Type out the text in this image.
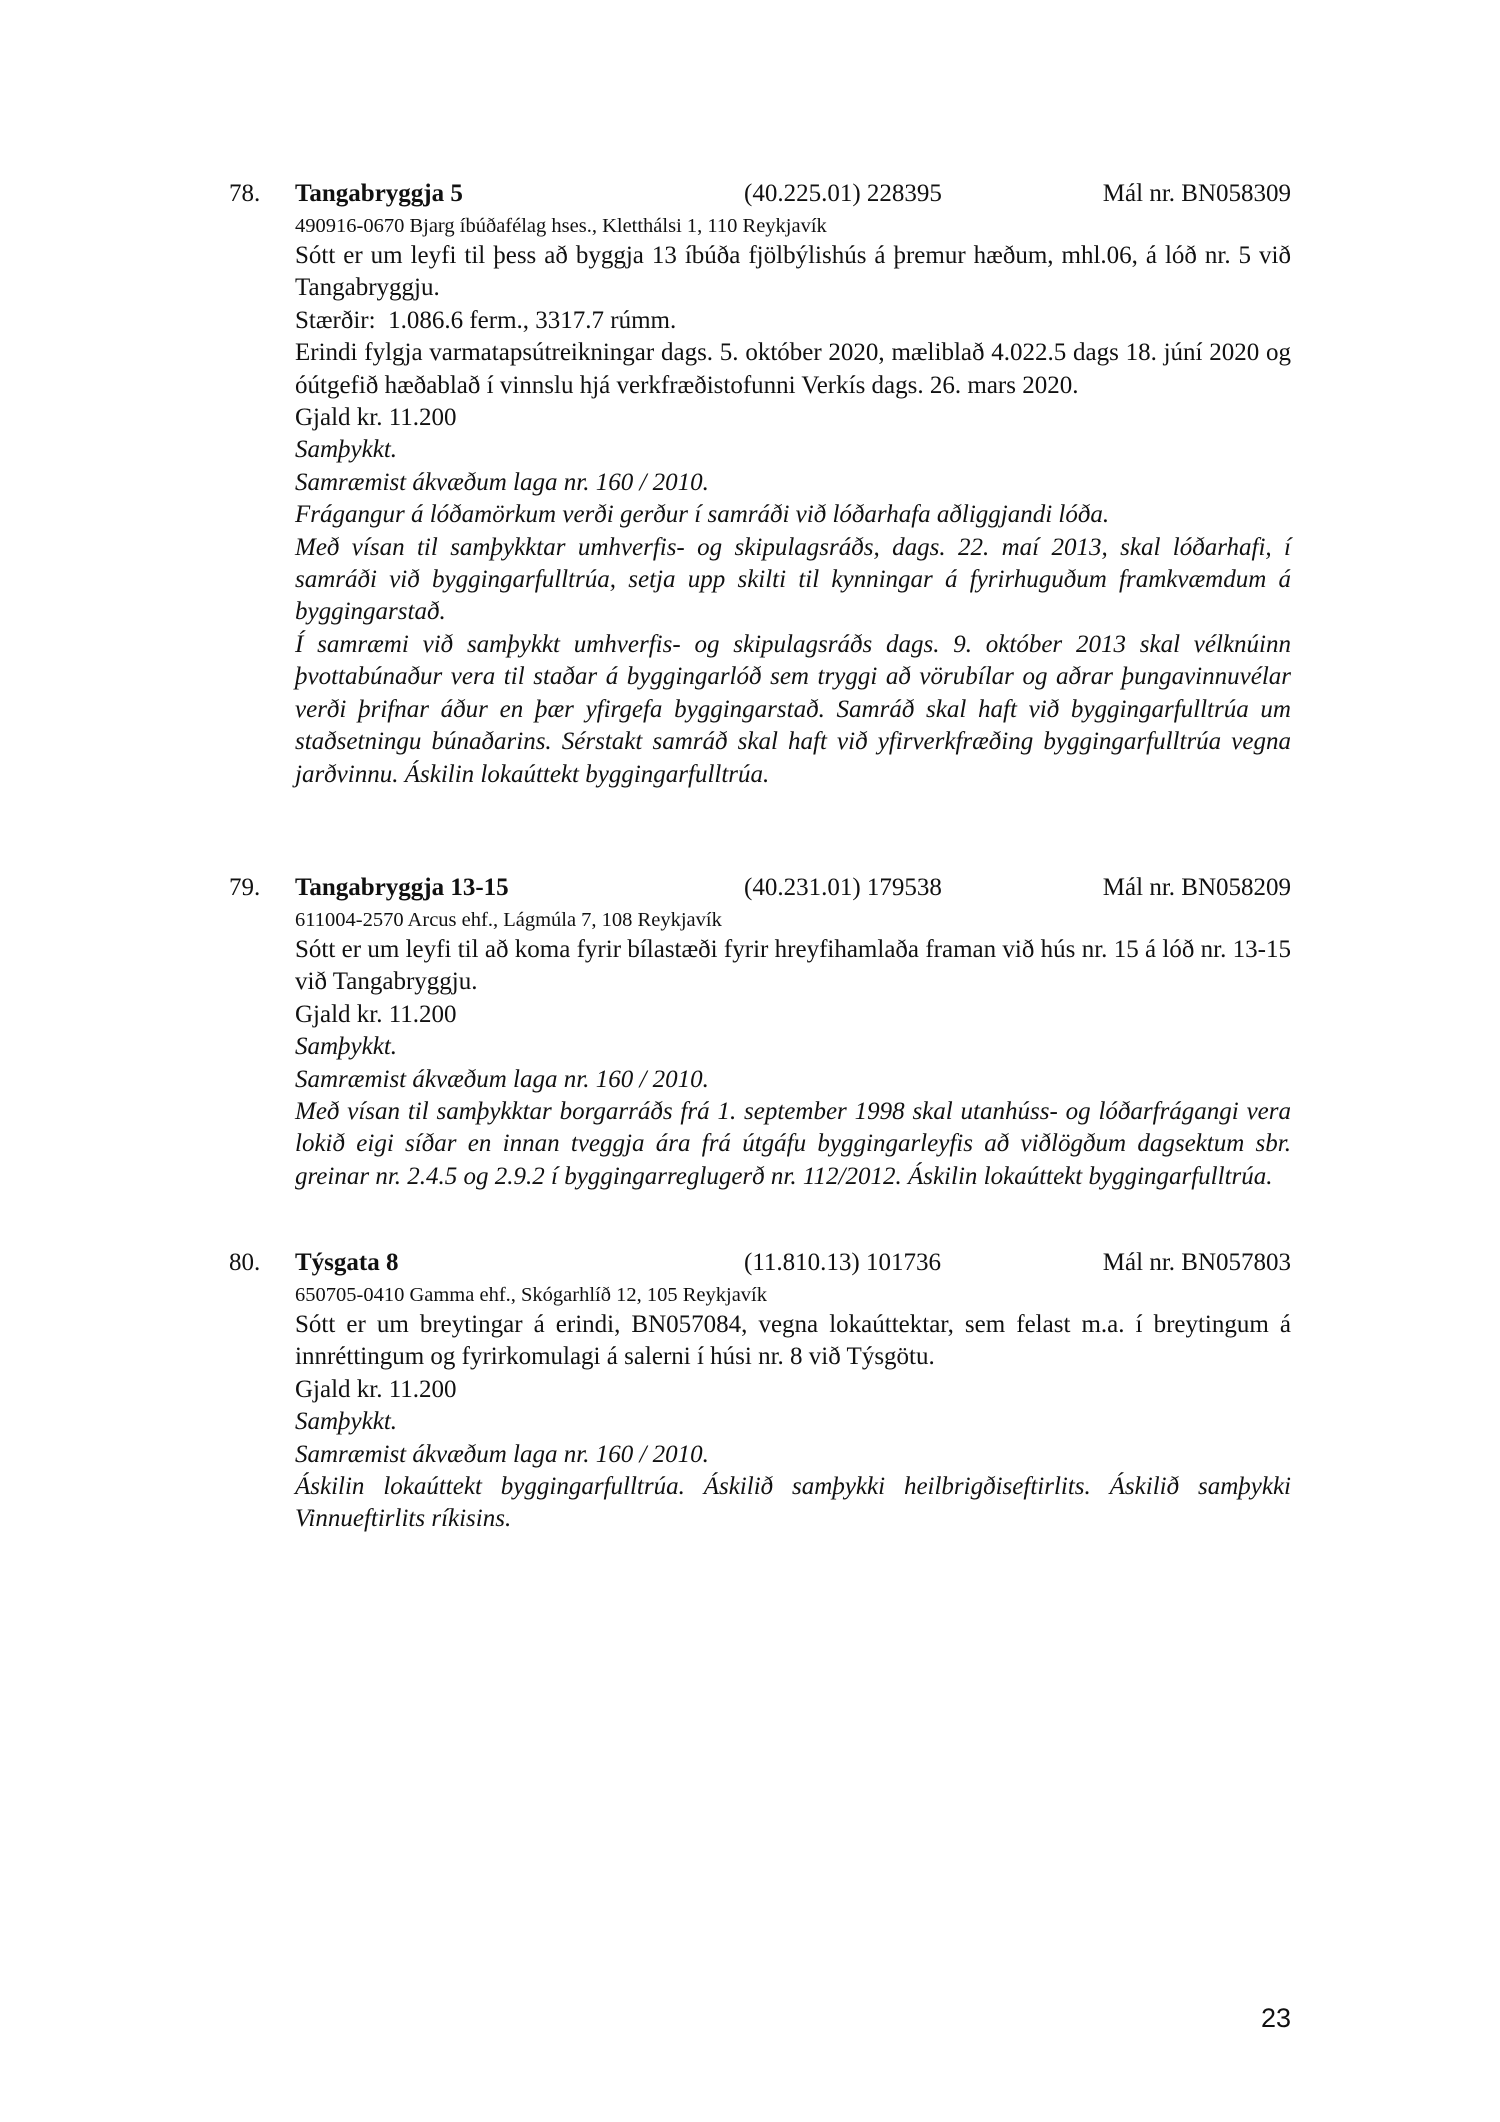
78. Tangabryggja 5	(40.225.01) 228395	Mál nr. BN058309
490916-0670 Bjarg íbúðafélag hses., Kletthálsi 1, 110 Reykjavík
Sótt er um leyfi til þess að byggja 13 íbúða fjölbýlishús á þremur hæðum, mhl.06, á lóð nr. 5 við Tangabryggju.
Stærðir:  1.086.6 ferm., 3317.7 rúmm.
Erindi fylgja varmatapsútreikningar dags. 5. október 2020, mæliblað 4.022.5 dags 18. júní 2020 og óútgefið hæðablað í vinnslu hjá verkfræðistofunni Verkís dags. 26. mars 2020.
Gjald kr. 11.200
Samþykkt.
Samræmist ákvæðum laga nr. 160 / 2010.
Frágangur á lóðamörkum verði gerður í samráði við lóðarhafa aðliggjandi lóða.
Með vísan til samþykktar umhverfis- og skipulagsráðs, dags. 22. maí 2013, skal lóðarhafi, í samráði við byggingarfulltrúa, setja upp skilti til kynningar á fyrirhuguðum framkvæmdum á byggingarstað.
Í samræmi við samþykkt umhverfis- og skipulagsráðs dags. 9. október 2013 skal vélknúinn þvottabúnaður vera til staðar á byggingarlóð sem tryggi að vörubílar og aðrar þungavinnuvélar verði þrifnar áður en þær yfirgefa byggingarstað. Samráð skal haft við byggingarfulltrúa um staðsetningu búnaðarins. Sérstakt samráð skal haft við yfirverkfræðing byggingarfulltrúa vegna jarðvinnu. Áskilin lokaúttekt byggingarfulltrúa.
79. Tangabryggja 13-15	(40.231.01) 179538	Mál nr. BN058209
611004-2570 Arcus ehf., Lágmúla 7, 108 Reykjavík
Sótt er um leyfi til að koma fyrir bílastæði fyrir hreyfihamlaða framan við hús nr. 15 á lóð nr. 13-15 við Tangabryggju.
Gjald kr. 11.200
Samþykkt.
Samræmist ákvæðum laga nr. 160 / 2010.
Með vísan til samþykktar borgarráðs frá 1. september 1998 skal utanhúss- og lóðarfrágangi vera lokið eigi síðar en innan tveggja ára frá útgáfu byggingarleyfis að viðlögðum dagsektum sbr. greinar nr. 2.4.5 og 2.9.2 í byggingarreglugerð nr. 112/2012. Áskilin lokaúttekt byggingarfulltrúa.
80. Týsgata 8	(11.810.13) 101736	Mál nr. BN057803
650705-0410 Gamma ehf., Skógarhlíð 12, 105 Reykjavík
Sótt er um breytingar á erindi, BN057084, vegna lokaúttektar, sem felast m.a. í breytingum á innréttingum og fyrirkomulagi á salerni í húsi nr. 8 við Týsgötu.
Gjald kr. 11.200
Samþykkt.
Samræmist ákvæðum laga nr. 160 / 2010.
Áskilin lokaúttekt byggingarfulltrúa. Áskilið samþykki heilbrigðiseftirlits. Áskilið samþykki Vinnueftirlits ríkisins.
23
